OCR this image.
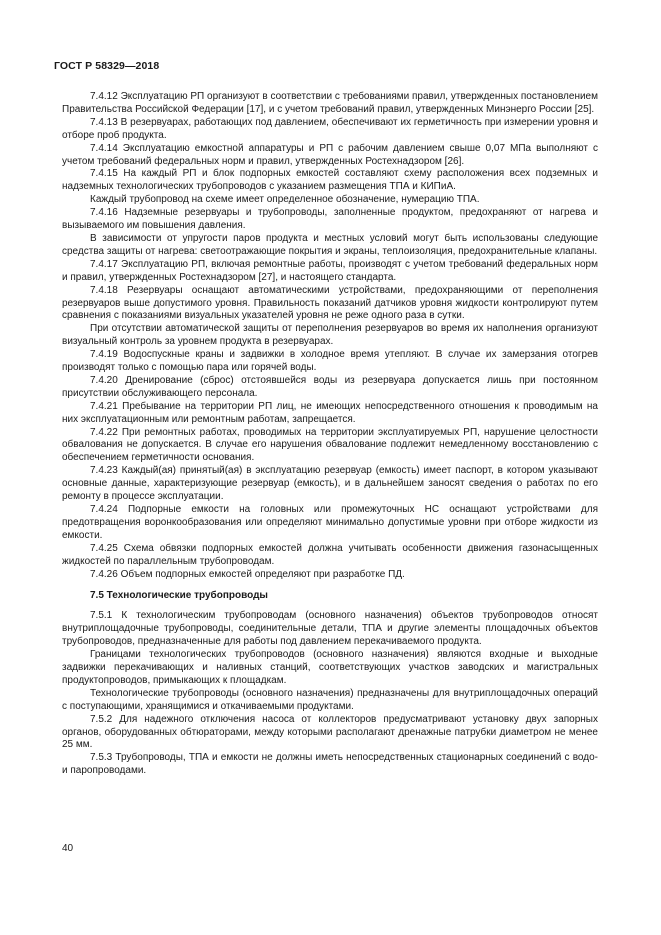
ГОСТ Р 58329—2018

7.4.12 Эксплуатацию РП организуют в соответствии с требованиями правил, утвержденных постановлением Правительства Российской Федерации [17], и с учетом требований правил, утвержденных Минэнерго России [25].

7.4.13 В резервуарах, работающих под давлением, обеспечивают их герметичность при измерении уровня и отборе проб продукта.

7.4.14 Эксплуатацию емкостной аппаратуры и РП с рабочим давлением свыше 0,07 МПа выполняют с учетом требований федеральных норм и правил, утвержденных Ростехнадзором [26].

7.4.15 На каждый РП и блок подпорных емкостей составляют схему расположения всех подземных и надземных технологических трубопроводов с указанием размещения ТПА и КИПиА.

Каждый трубопровод на схеме имеет определенное обозначение, нумерацию ТПА.

7.4.16 Надземные резервуары и трубопроводы, заполненные продуктом, предохраняют от нагрева и вызываемого им повышения давления.

В зависимости от упругости паров продукта и местных условий могут быть использованы следующие средства защиты от нагрева: светоотражающие покрытия и экраны, теплоизоляция, предохранительные клапаны.

7.4.17 Эксплуатацию РП, включая ремонтные работы, производят с учетом требований федеральных норм и правил, утвержденных Ростехнадзором [27], и настоящего стандарта.

7.4.18 Резервуары оснащают автоматическими устройствами, предохраняющими от переполнения резервуаров выше допустимого уровня. Правильность показаний датчиков уровня жидкости контролируют путем сравнения с показаниями визуальных указателей уровня не реже одного раза в сутки.

При отсутствии автоматической защиты от переполнения резервуаров во время их наполнения организуют визуальный контроль за уровнем продукта в резервуарах.

7.4.19 Водоспускные краны и задвижки в холодное время утепляют. В случае их замерзания отогрев производят только с помощью пара или горячей воды.

7.4.20 Дренирование (сброс) отстоявшейся воды из резервуара допускается лишь при постоянном присутствии обслуживающего персонала.

7.4.21 Пребывание на территории РП лиц, не имеющих непосредственного отношения к проводимым на них эксплуатационным или ремонтным работам, запрещается.

7.4.22 При ремонтных работах, проводимых на территории эксплуатируемых РП, нарушение целостности обвалования не допускается. В случае его нарушения обвалование подлежит немедленному восстановлению с обеспечением герметичности основания.

7.4.23 Каждый(ая) принятый(ая) в эксплуатацию резервуар (емкость) имеет паспорт, в котором указывают основные данные, характеризующие резервуар (емкость), и в дальнейшем заносят сведения о работах по его ремонту в процессе эксплуатации.

7.4.24 Подпорные емкости на головных или промежуточных НС оснащают устройствами для предотвращения воронкообразования или определяют минимально допустимые уровни при отборе жидкости из емкости.

7.4.25 Схема обвязки подпорных емкостей должна учитывать особенности движения газонасыщенных жидкостей по параллельным трубопроводам.

7.4.26 Объем подпорных емкостей определяют при разработке ПД.

7.5 Технологические трубопроводы

7.5.1 К технологическим трубопроводам (основного назначения) объектов трубопроводов относят внутриплощадочные трубопроводы, соединительные детали, ТПА и другие элементы площадочных объектов трубопроводов, предназначенные для работы под давлением перекачиваемого продукта.

Границами технологических трубопроводов (основного назначения) являются входные и выходные задвижки перекачивающих и наливных станций, соответствующих участков заводских и магистральных продуктопроводов, примыкающих к площадкам.

Технологические трубопроводы (основного назначения) предназначены для внутриплощадочных операций с поступающими, хранящимися и откачиваемыми продуктами.

7.5.2 Для надежного отключения насоса от коллекторов предусматривают установку двух запорных органов, оборудованных обтюраторами, между которыми располагают дренажные патрубки диаметром не менее 25 мм.

7.5.3 Трубопроводы, ТПА и емкости не должны иметь непосредственных стационарных соединений с водо- и паропроводами.

40
